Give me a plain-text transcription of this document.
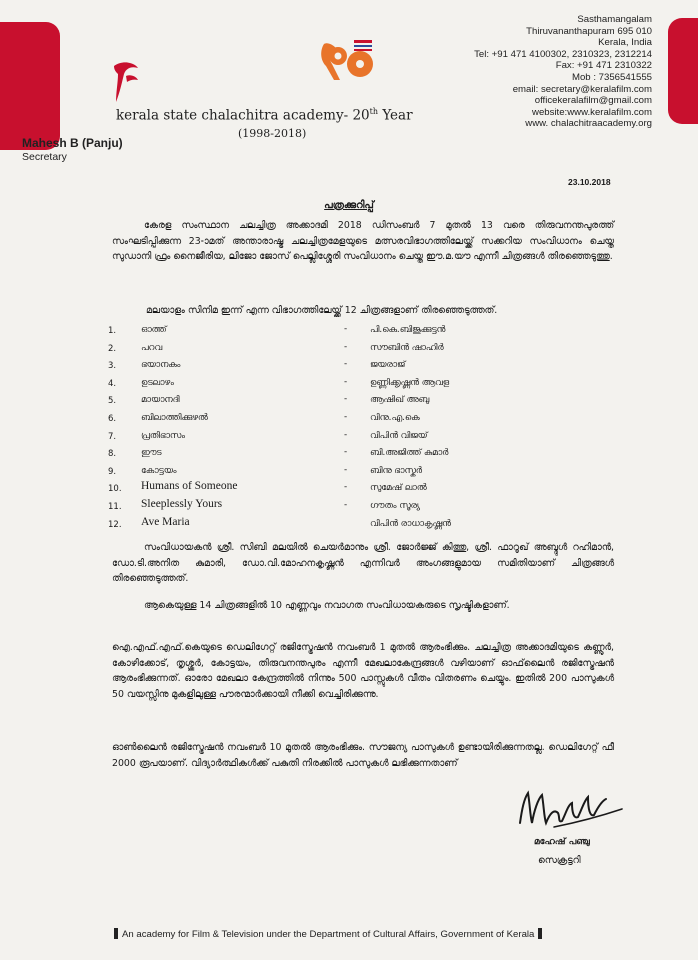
kerala state chalachitra academy- 20th Year
(1998-2018)
Sasthamangalam
Thiruvananthapuram 695 010
Kerala, India
Tel: +91 471 4100302, 2310323, 2312214
Fax: +91 471 2310322
Mob : 7356541555
email: secretary@keralafilm.com
officekeralafilm@gmail.com
website:www.keralafilm.com
www. chalachitraacademy.org
Mahesh B (Panju)
Secretary
23.10.2018
പത്രക്കുറിപ്പ്
കേരള സംസ്ഥാന ചലച്ചിത്ര അക്കാദമി 2018 ഡിസംബർ 7 മുതൽ 13 വരെ തിരുവനന്തപുരത്ത് സംഘടിപ്പിക്കുന്ന 23-ാമത് അന്താരാഷ്ട്ര ചലച്ചിത്രമേളയുടെ മത്സരവിഭാഗത്തിലേയ്ക്ക് സക്കറിയ സംവിധാനം ചെയ്ത സുഡാനി ഫ്രം നൈജീരിയ, ലിജോ ജോസ് പെല്ലിശ്ശേരി സംവിധാനം ചെയ്ത ഈ.മ.യൗ എന്നീ ചിത്രങ്ങൾ തിരഞ്ഞെടുത്തു.
മലയാളം സിനിമ ഇന്ന് എന്ന വിഭാഗത്തിലേയ്ക്ക് 12 ചിത്രങ്ങളാണ് തിരഞ്ഞെടുത്തത്.
1.	ഓത്ത്	-	പി.കെ.ബിജുക്കുട്ടൻ
2.	പറവ	-	സൗബിൻ ഷാഹിർ
3.	ഭയാനകം	-	ജയരാജ്
4.	ഉടലാഴം	-	ഉണ്ണിക്കൃഷ്ണൻ ആവള
5.	മായാനദി	-	ആഷിഖ് അബു
6.	ബിലാത്തിക്കുഴൽ	-	വിനു.എ.കെ
7.	പ്രതിഭാസം	-	വിപിൻ വിജയ്
8.	ഈട	-	ബി.അജിത്ത് കുമാർ
9.	കോട്ടയം	-	ബിനു ഭാസ്കർ
10. Humans of Someone	-	സുമേഷ് ലാൽ
11. Sleeplessly Yours	-	ഗൗതം സൂര്യ
12. Ave Maria	വിപിൻ രാധാകൃഷ്ണൻ
സംവിധായകൻ ശ്രീ. സിബി മലയിൽ ചെയർമാനും ശ്രീ. ജോർജ്ജ് കിത്തു, ശ്രീ. ഫാറൂഖ് അബ്ദുൾ റഹിമാൻ, ഡോ.ടി.അനിത കുമാരി, ഡോ.വി.മോഹനകൃഷ്ണൻ എന്നിവർ അംഗങ്ങളുമായ സമിതിയാണ് ചിത്രങ്ങൾ തിരഞ്ഞെടുത്തത്.
ആകെയുള്ള 14 ചിത്രങ്ങളിൽ 10 എണ്ണവും നവാഗത സംവിധായകരുടെ സൃഷ്ടികളാണ്.
ഐ.എഫ്.എഫ്.കെയുടെ ഡെലിഗേറ്റ് രജിസ്ട്രേഷൻ നവംബർ 1 മുതൽ ആരംഭിക്കും. ചലച്ചിത്ര അക്കാദമിയുടെ കണ്ണൂർ, കോഴിക്കോട്, തൃശ്ശൂർ, കോട്ടയം, തിരുവനന്തപുരം എന്നീ മേഖലാകേന്ദ്രങ്ങൾ വഴിയാണ് ഓഫ്‌ലൈൻ രജിസ്ട്രേഷൻ ആരംഭിക്കുന്നത്. ഓരോ മേഖലാ കേന്ദ്രത്തിൽ നിന്നും 500 പാസ്സുകൾ വീതം വിതരണം ചെയ്യും. ഇതിൽ 200 പാസുകൾ 50 വയസ്സിനു മുകളിലുള്ള പൗരന്മാർക്കായി നീക്കി വെച്ചിരിക്കുന്നു.
ഓൺലൈൻ രജിസ്ട്രേഷൻ നവംബർ 10 മുതൽ ആരംഭിക്കും. സൗജന്യ പാസുകൾ ഉണ്ടായിരിക്കുന്നതല്ല. ഡെലിഗേറ്റ് ഫീ 2000 രൂപയാണ്. വിദ്യാർത്ഥികൾക്ക് പകുതി നിരക്കിൽ പാസുകൾ ലഭിക്കുന്നതാണ്
മഹേഷ് പഞ്ചു
സെക്രട്ടറി
An academy for Film & Television under the Department of Cultural Affairs, Government of Kerala
